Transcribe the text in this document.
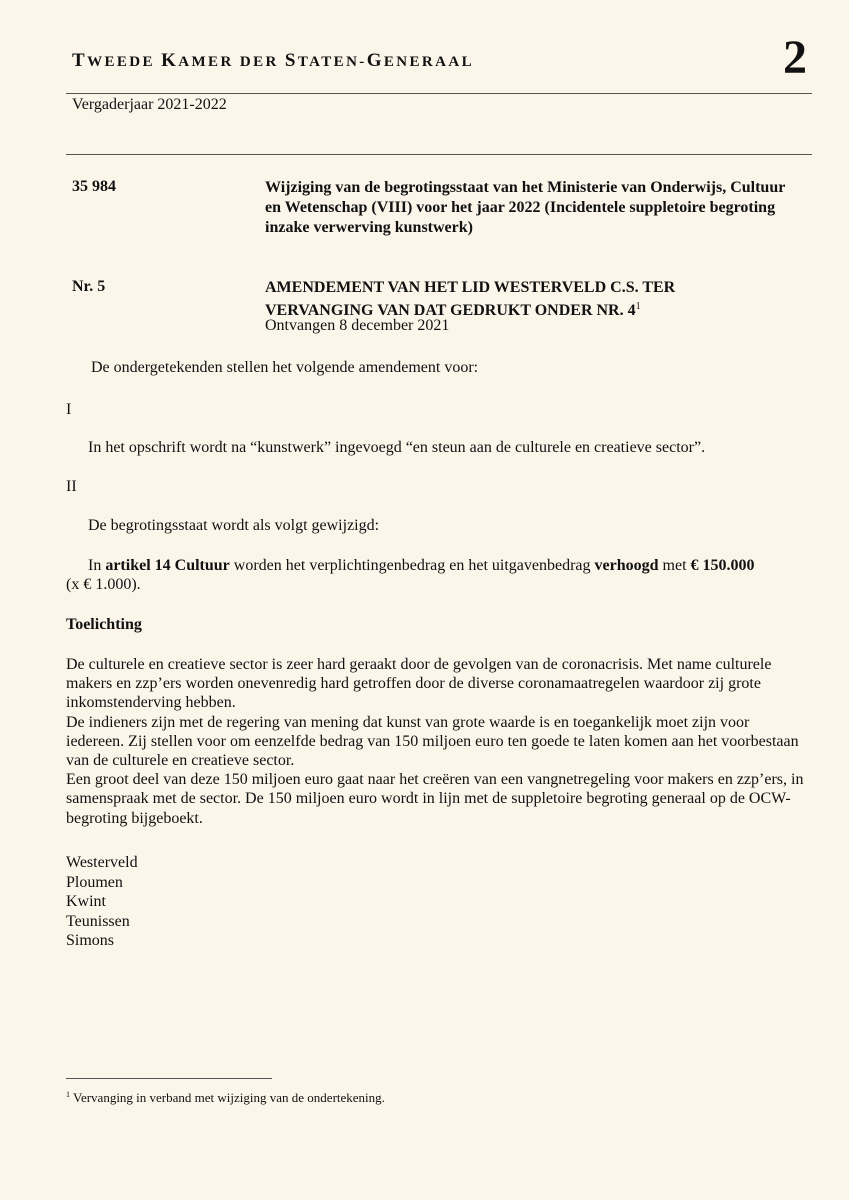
TWEEDE KAMER DER STATEN-GENERAAL	2
Vergaderjaar 2021-2022
35 984	Wijziging van de begrotingsstaat van het Ministerie van Onderwijs, Cultuur en Wetenschap (VIII) voor het jaar 2022 (Incidentele suppletoire begroting inzake verwerving kunstwerk)
Nr. 5	AMENDEMENT VAN HET LID WESTERVELD C.S. TER
VERVANGING VAN DAT GEDRUKT ONDER NR. $4^1$
Ontvangen 8 december 2021
De ondergetekenden stellen het volgende amendement voor:
I
In het opschrift wordt na “kunstwerk” ingevoegd “en steun aan de culturele en creatieve sector”.
II
De begrotingsstaat wordt als volgt gewijzigd:
In artikel 14 Cultuur worden het verplichtingenbedrag en het uitgavenbedrag verhoogd met € 150.000
(x € 1.000).
Toelichting

De culturele en creatieve sector is zeer hard geraakt door de gevolgen van de coronacrisis. Met name culturele makers en zzp’ers worden onevenredig hard getroffen door de diverse coronamaatregelen waardoor zij grote inkomstenderving hebben.

De indieners zijn met de regering van mening dat kunst van grote waarde is en toegankelijk moet zijn voor iedereen. Zij stellen voor om eenzelfde bedrag van 150 miljoen euro ten goede te laten komen aan het voorbestaan van de culturele en creatieve sector.

Een groot deel van deze 150 miljoen euro gaat naar het creëren van een vangnetregeling voor makers en zzp’ers, in samenspraak met de sector. De 150 miljoen euro wordt in lijn met de suppletoire begroting generaal op de OCW-begroting bijgeboekt.

Westerveld
Ploumen
Kwint
Teunissen
Simons
$^1$ Vervanging in verband met wijziging van de ondertekening.
